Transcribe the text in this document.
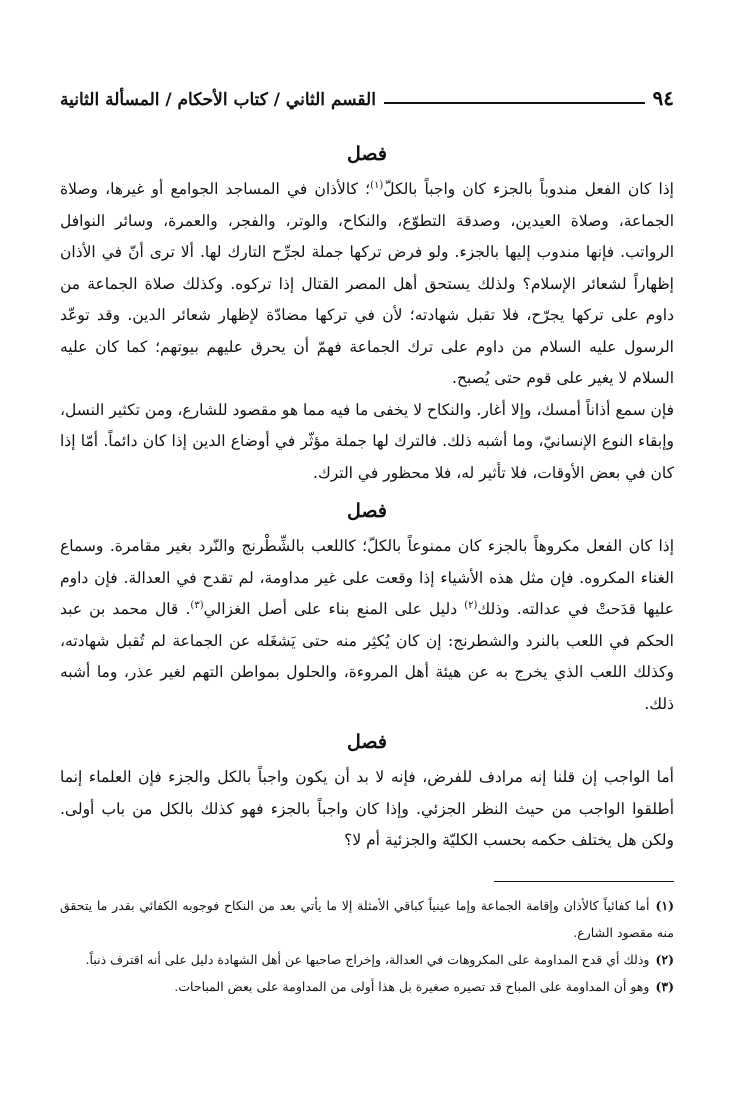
٩٤
القسم الثاني / كتاب الأحكام / المسألة الثانية
فصل

إذا كان الفعل مندوباً بالجزء كان واجباً بالكلّ$^{(١)}$؛ كالأذان في المساجد الجوامع أو غيرها، وصلاة الجماعة، وصلاة العيدين، وصدقة التطوّع، والنكاح، والوتر، والفجر، والعمرة، وسائر النوافل الرواتب. فإنها مندوب إليها بالجزء. ولو فرض تركها جملة لجرِّح التارك لها. ألا ترى أنّ في الأذان إظهاراً لشعائر الإسلام؟ ولذلك يستحق أهل المصر القتال إذا تركوه. وكذلك صلاة الجماعة من داوم على تركها يجرّح، فلا تقبل شهادته؛ لأن في تركها مضادّة لإظهار شعائر الدين. وقد توعّد الرسول عليه السلام من داوم على ترك الجماعة فهمّ أن يحرق عليهم بيوتهم؛ كما كان عليه السلام لا يغير على قوم حتى يُصبح.

فإن سمع أذاناً أمسك، وإلا أغار. والنكاح لا يخفى ما فيه مما هو مقصود للشارع، ومن تكثير النسل، وإبقاء النوع الإنسانيّ، وما أشبه ذلك. فالترك لها جملة مؤثّر في أوضاع الدين إذا كان دائماً. أمّا إذا كان في بعض الأوقات، فلا تأثير له، فلا محظور في الترك.

فصل

إذا كان الفعل مكروهاً بالجزء كان ممنوعاً بالكلّ؛ كاللعب بالشِّطْرنج والنّرد بغير مقامرة. وسماع الغناء المكروه. فإن مثل هذه الأشياء إذا وقعت على غير مداومة، لم تقدح في العدالة. فإن داوم عليها قدَحتْ في عدالته. وذلك$^{(٢)}$ دليل على المنع بناء على أصل الغزالي$^{(٣)}$. قال محمد بن عبد الحكم في اللعب بالنرد والشطرنج: إن كان يُكثِر منه حتى يَشغَله عن الجماعة لم تُقبل شهادته، وكذلك اللعب الذي يخرج به عن هيئة أهل المروءة، والحلول بمواطن التهم لغير عذر، وما أشبه ذلك.

فصل

أما الواجب إن قلنا إنه مرادف للفرض، فإنه لا بد أن يكون واجباً بالكل والجزء فإن العلماء إنما أطلقوا الواجب من حيث النظر الجزئي. وإذا كان واجباً بالجزء فهو كذلك بالكل من باب أولى. ولكن هل يختلف حكمه بحسب الكليّة والجزئية أم لا؟

(١)أما كفائياً كالأذان وإقامة الجماعة وإما عينياً كباقي الأمثلة إلا ما يأتي بعد من النكاح فوجوبه الكفائي بقدر ما يتحقق منه مقصود الشارع.

(٢)وذلك أي قدح المداومة على المكروهات في العدالة، وإخراج صاحبها عن أهل الشهادة دليل على أنه اقترف ذنباً.

(٣)وهو أن المداومة على المباح قد تصيره صغيرة بل هذا أولى من المداومة على بعض المباحات.
